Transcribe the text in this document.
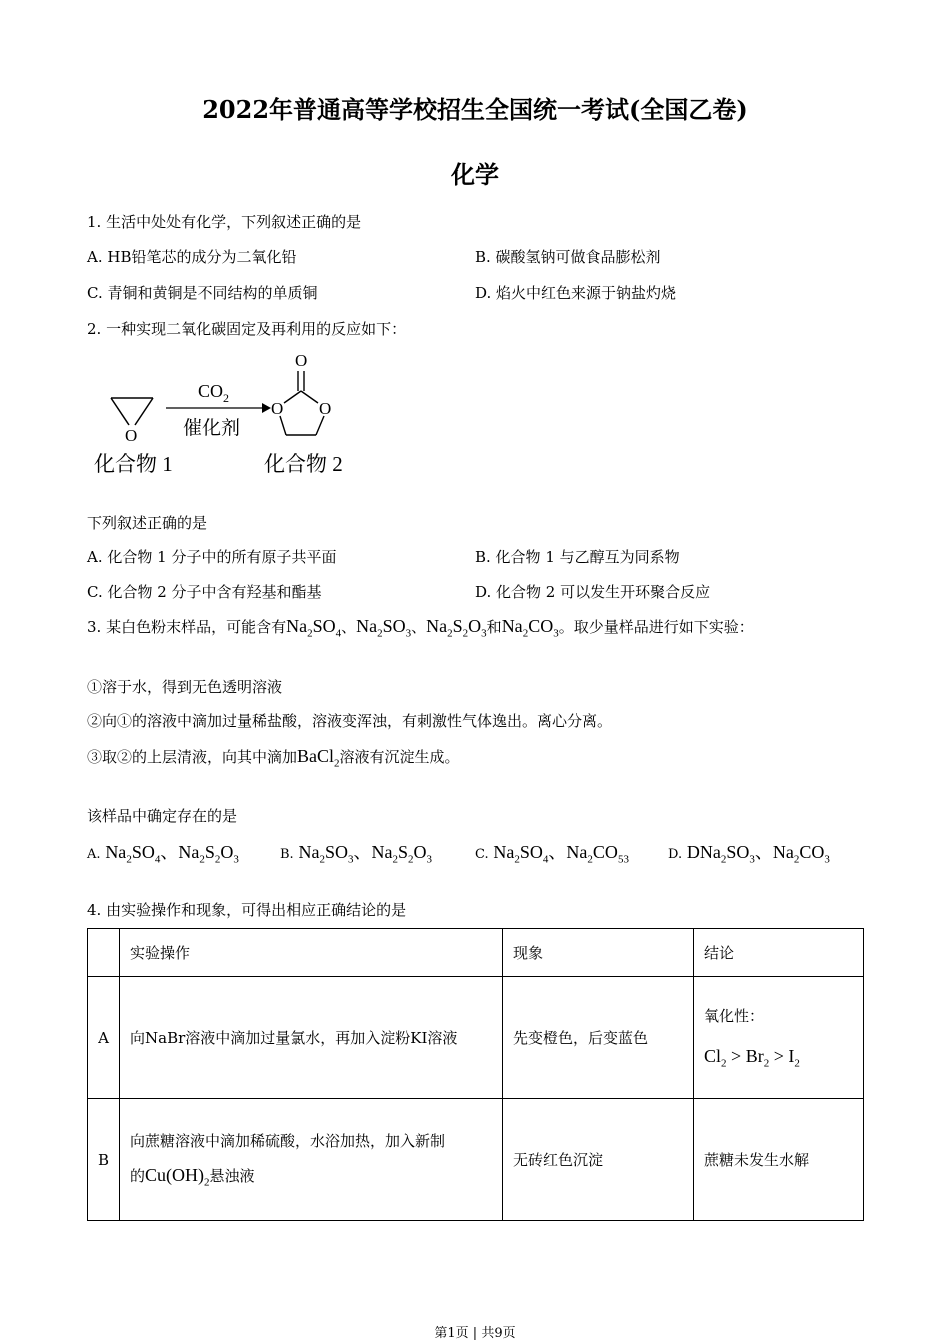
2022年普通高等学校招生全国统一考试(全国乙卷)
化学
1. 生活中处处有化学，下列叙述正确的是
A. HB铅笔芯的成分为二氧化铅	B. 碳酸氢钠可做食品膨松剂
C. 青铜和黄铜是不同结构的单质铜	D. 焰火中红色来源于钠盐灼烧
2. 一种实现二氧化碳固定及再利用的反应如下：
O
$CO_2$
催化剂
O
O O
化合物 1	化合物 2
下列叙述正确的是
A. 化合物 1 分子中的所有原子共平面	B. 化合物 1 与乙醇互为同系物
C. 化合物 2 分子中含有羟基和酯基	D. 化合物 2 可以发生开环聚合反应
3. 某白色粉末样品，可能含有$Na_2SO_4$、$Na_2SO_3$、$Na_2S_2O_3$和$Na_2CO_3$。取少量样品进行如下实验：
①溶于水，得到无色透明溶液
②向①的溶液中滴加过量稀盐酸，溶液变浑浊，有刺激性气体逸出。离心分离。
③取②的上层清液，向其中滴加BaCl$_2$溶液有沉淀生成。
该样品中确定存在的是
A. $Na_2SO_4$、$Na_2S_2O_3$	B. $Na_2SO_3$、$Na_2S_2O_3$	C. $Na_2SO_4$、$Na_2CO_{53}$	D. $DNa_2SO_3$、$Na_2CO_3$
4. 由实验操作和现象，可得出相应正确结论的是
	实验操作	现象	结论
A	向NaBr溶液中滴加过量氯水，再加入淀粉KI溶液	先变橙色，后变蓝色	氧化性：
$Cl_2 > Br_2 > I_2$

B	向蔗糖溶液中滴加稀硫酸，水浴加热，加入新制
的$Cu(OH)_2$悬浊液	无砖红色沉淀	蔗糖未发生水解
第1页 | 共9页
